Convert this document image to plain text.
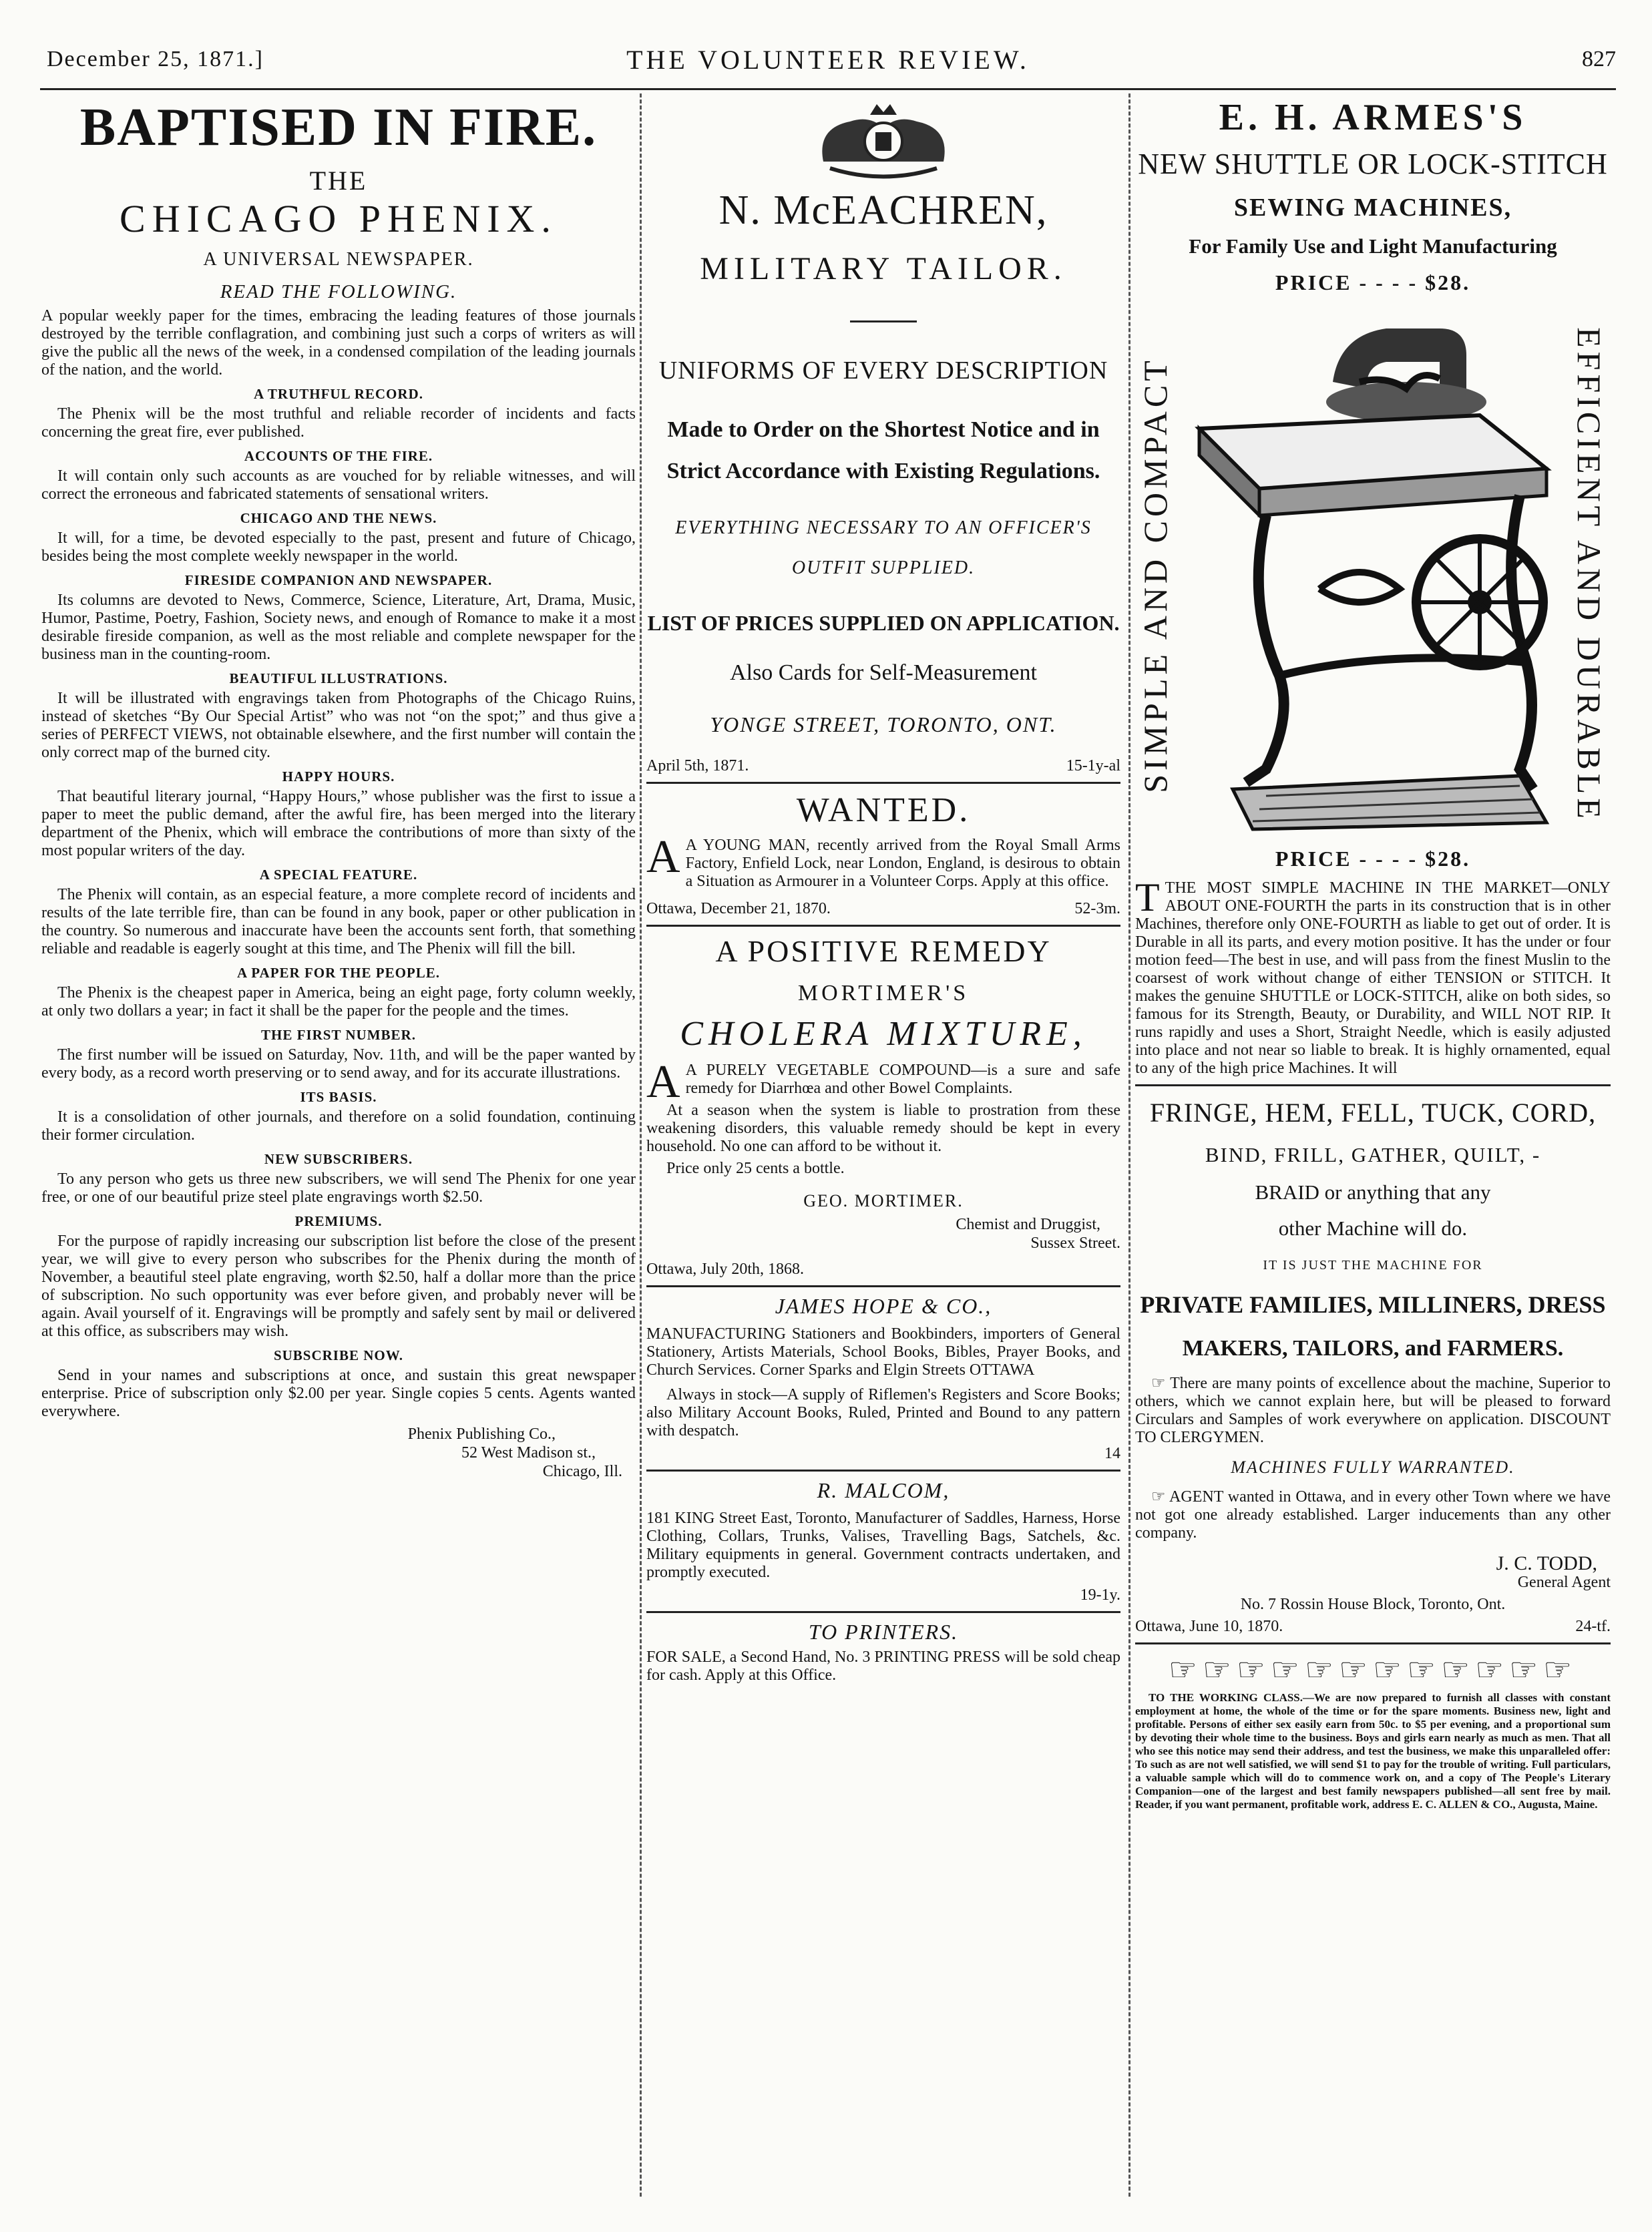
December 25, 1871.]	THE VOLUNTEER REVIEW.	827
BAPTISED IN FIRE.
THE
CHICAGO PHENIX.
A UNIVERSAL NEWSPAPER.
READ THE FOLLOWING.

A popular weekly paper for the times, embracing the leading features of those journals destroyed by the terrible conflagration, and combining just such a corps of writers as will give the public all the news of the week, in a condensed compilation of the leading journals of the nation, and the world.

A TRUTHFUL RECORD.

The Phenix will be the most truthful and reliable recorder of incidents and facts concerning the great fire, ever published.

ACCOUNTS OF THE FIRE.

It will contain only such accounts as are vouched for by reliable witnesses, and will correct the erroneous and fabricated statements of sensational writers.

CHICAGO AND THE NEWS.

It will, for a time, be devoted especially to the past, present and future of Chicago, besides being the most complete weekly newspaper in the world.

FIRESIDE COMPANION AND NEWSPAPER.

Its columns are devoted to News, Commerce, Science, Literature, Art, Drama, Music, Humor, Pastime, Poetry, Fashion, Society news, and enough of Romance to make it a most desirable fireside companion, as well as the most reliable and complete newspaper for the business man in the counting-room.

BEAUTIFUL ILLUSTRATIONS.

It will be illustrated with engravings taken from Photographs of the Chicago Ruins, instead of sketches “By Our Special Artist” who was not “on the spot;” and thus give a series of PERFECT VIEWS, not obtainable elsewhere, and the first number will contain the only correct map of the burned city.

HAPPY HOURS.

That beautiful literary journal, “Happy Hours,” whose publisher was the first to issue a paper to meet the public demand, after the awful fire, has been merged into the literary department of the Phenix, which will embrace the contributions of more than sixty of the most popular writers of the day.

A SPECIAL FEATURE.

The Phenix will contain, as an especial feature, a more complete record of incidents and results of the late terrible fire, than can be found in any book, paper or other publication in the country. So numerous and inaccurate have been the accounts sent forth, that something reliable and readable is eagerly sought at this time, and The Phenix will fill the bill.

A PAPER FOR THE PEOPLE.

The Phenix is the cheapest paper in America, being an eight page, forty column weekly, at only two dollars a year; in fact it shall be the paper for the people and the times.

THE FIRST NUMBER.

The first number will be issued on Saturday, Nov. 11th, and will be the paper wanted by every body, as a record worth preserving or to send away, and for its accurate illustrations.

ITS BASIS.

It is a consolidation of other journals, and therefore on a solid foundation, continuing their former circulation.

NEW SUBSCRIBERS.

To any person who gets us three new subscribers, we will send The Phenix for one year free, or one of our beautiful prize steel plate engravings worth $2.50.

PREMIUMS.

For the purpose of rapidly increasing our subscription list before the close of the present year, we will give to every person who subscribes for the Phenix during the month of November, a beautiful steel plate engraving, worth $2.50, half a dollar more than the price of subscription. No such opportunity was ever before given, and probably never will be again. Avail yourself of it. Engravings will be promptly and safely sent by mail or delivered at this office, as subscribers may wish.

SUBSCRIBE NOW.

Send in your names and subscriptions at once, and sustain this great newspaper enterprise. Price of subscription only $2.00 per year. Single copies 5 cents. Agents wanted everywhere.

Phenix Publishing Co.,
52 West Madison st.,
Chicago, Ill.
N. McEACHREN,
MILITARY TAILOR.
UNIFORMS OF EVERY DESCRIPTION
Made to Order on the Shortest Notice and in Strict Accordance with Existing Regulations.
EVERYTHING NECESSARY TO AN OFFICER'S OUTFIT SUPPLIED.
LIST OF PRICES SUPPLIED ON APPLICATION.
Also Cards for Self-Measurement
YONGE STREET, TORONTO, ONT.
April 5th, 1871.	15-1y-al
WANTED.

A A YOUNG MAN, recently arrived from the Royal Small Arms Factory, Enfield Lock, near London, England, is desirous to obtain a Situation as Armourer in a Volunteer Corps. Apply at this office.

Ottawa, December 21, 1870.	52-3m.
A POSITIVE REMEDY
MORTIMER'S
CHOLERA MIXTURE,

A A PURELY VEGETABLE COMPOUND—is a sure and safe remedy for Diarrhœa and other Bowel Complaints.

At a season when the system is liable to prostration from these weakening disorders, this valuable remedy should be kept in every household. No one can afford to be without it.

Price only 25 cents a bottle.

GEO. MORTIMER.
Chemist and Druggist,
Sussex Street.
Ottawa, July 20th, 1868.
JAMES HOPE & CO.,

MANUFACTURING Stationers and Bookbinders, importers of General Stationery, Artists Materials, School Books, Bibles, Prayer Books, and Church Services. Corner Sparks and Elgin Streets OTTAWA

Always in stock—A supply of Riflemen's Registers and Score Books; also Military Account Books, Ruled, Printed and Bound to any pattern with despatch.

14
R. MALCOM,

181 KING Street East, Toronto, Manufacturer of Saddles, Harness, Horse Clothing, Collars, Trunks, Valises, Travelling Bags, Satchels, &c. Military equipments in general. Government contracts undertaken, and promptly executed.

19-1y.
TO PRINTERS.

FOR SALE, a Second Hand, No. 3 PRINTING PRESS will be sold cheap for cash. Apply at this Office.

E. H. ARMES'S
NEW SHUTTLE OR LOCK-STITCH
SEWING MACHINES,
For Family Use and Light Manufacturing
PRICE - - - - $28.
SIMPLE AND COMPACT	EFFICIENT AND DURABLE
PRICE - - - - $28.

TTHE MOST SIMPLE MACHINE IN THE MARKET—ONLY ABOUT ONE-FOURTH the parts in its construction that is in other Machines, therefore only ONE-FOURTH as liable to get out of order. It is Durable in all its parts, and every motion positive. It has the under or four motion feed—The best in use, and will pass from the finest Muslin to the coarsest of work without change of either TENSION or STITCH. It makes the genuine SHUTTLE or LOCK-STITCH, alike on both sides, so famous for its Strength, Beauty, or Durability, and WILL NOT RIP. It runs rapidly and uses a Short, Straight Needle, which is easily adjusted into place and not near so liable to break. It is highly ornamented, equal to any of the high price Machines. It will

FRINGE, HEM, FELL, TUCK, CORD,
BIND, FRILL, GATHER, QUILT, -
BRAID or anything that any
other Machine will do.
IT IS JUST THE MACHINE FOR
PRIVATE FAMILIES, MILLINERS, DRESS
MAKERS, TAILORS, and FARMERS.

☞ There are many points of excellence about the machine, Superior to others, which we cannot explain here, but will be pleased to forward Circulars and Samples of work everywhere on application. DISCOUNT TO CLERGYMEN.

MACHINES FULLY WARRANTED.

☞ AGENT wanted in Ottawa, and in every other Town where we have not got one already established. Larger inducements than any other company.

J. C. TODD,
General Agent
No. 7 Rossin House Block, Toronto, Ont.
Ottawa, June 10, 1870.	24-tf.
☞☞☞☞☞☞☞☞☞☞☞☞

TO THE WORKING CLASS.—We are now prepared to furnish all classes with constant employment at home, the whole of the time or for the spare moments. Business new, light and profitable. Persons of either sex easily earn from 50c. to $5 per evening, and a proportional sum by devoting their whole time to the business. Boys and girls earn nearly as much as men. That all who see this notice may send their address, and test the business, we make this unparalleled offer: To such as are not well satisfied, we will send $1 to pay for the trouble of writing. Full particulars, a valuable sample which will do to commence work on, and a copy of The People's Literary Companion—one of the largest and best family newspapers published—all sent free by mail. Reader, if you want permanent, profitable work, address E. C. ALLEN & CO., Augusta, Maine.
